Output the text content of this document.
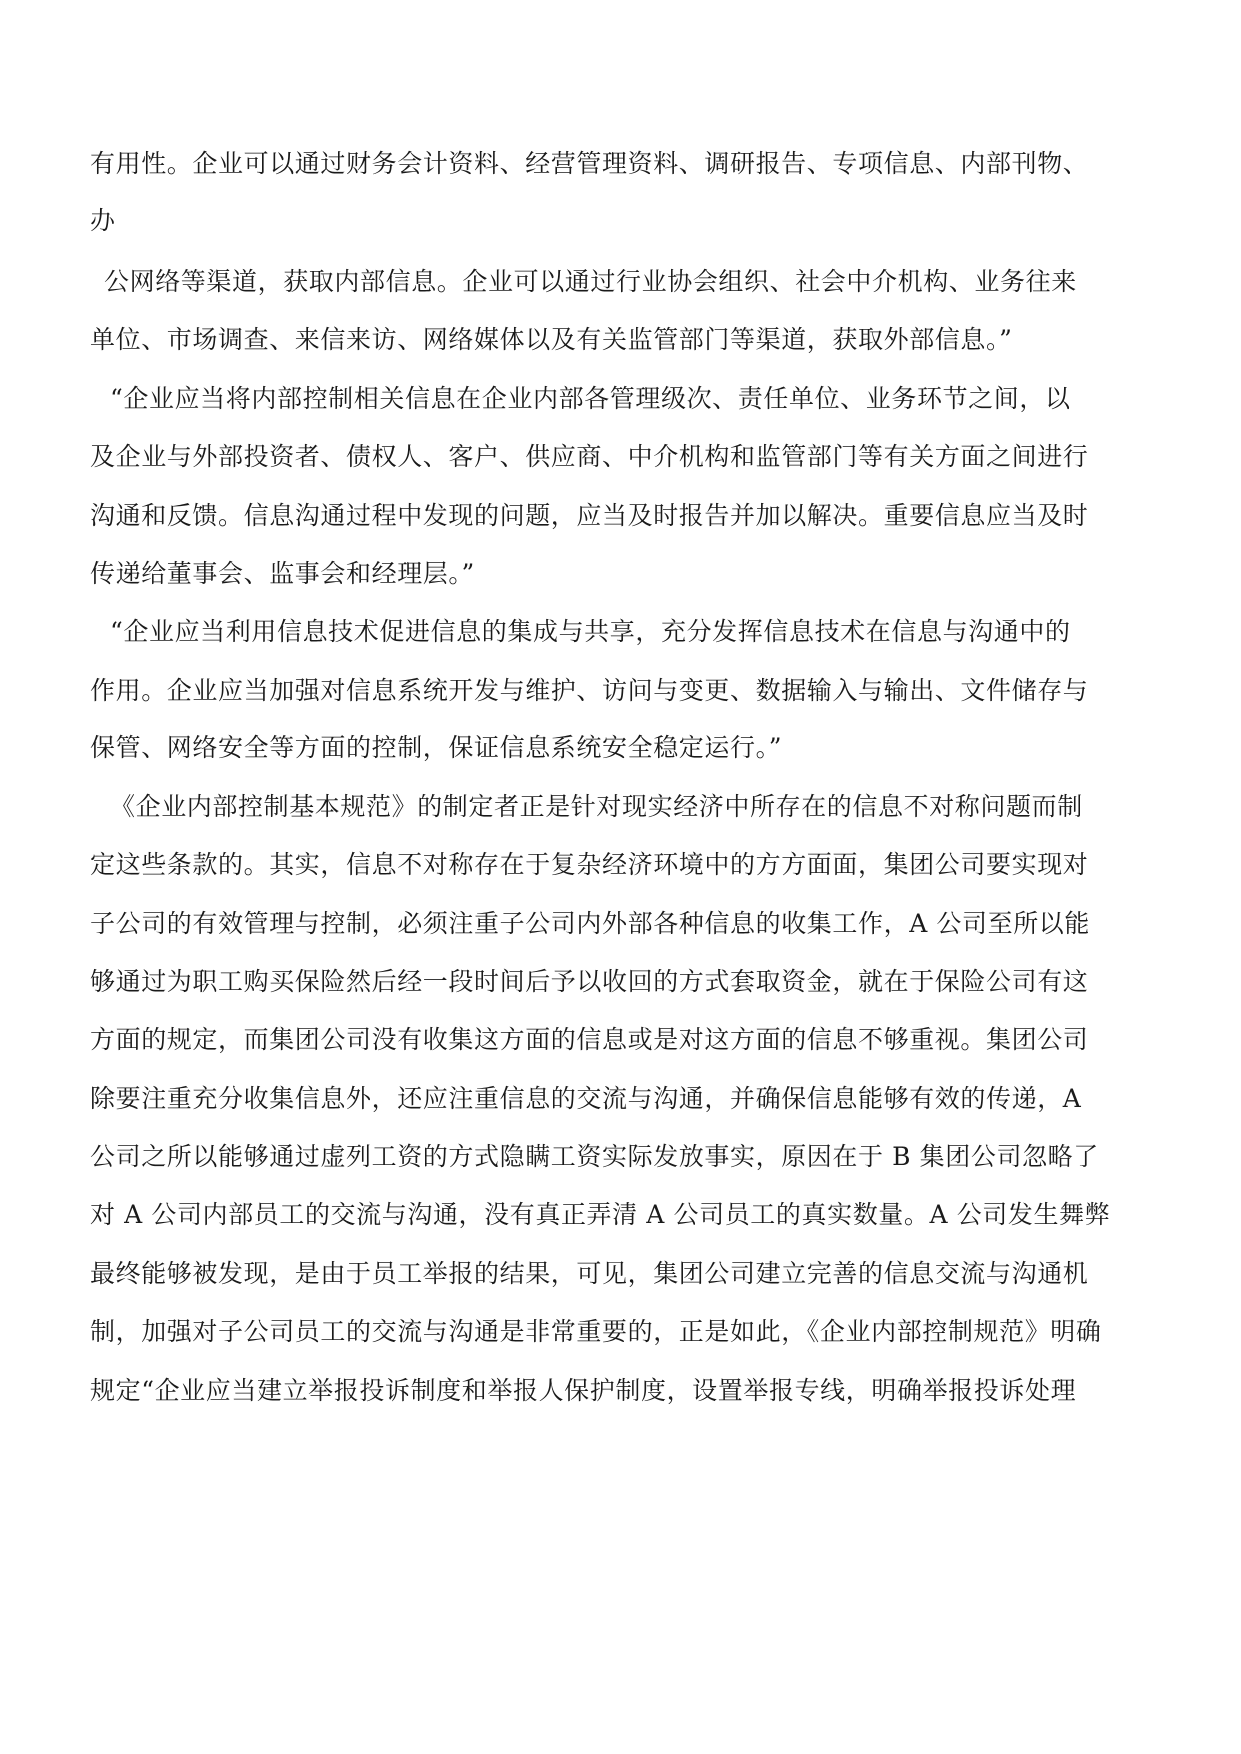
有用性。企业可以通过财务会计资料、经营管理资料、调研报告、专项信息、内部刊物、
办
公网络等渠道，获取内部信息。企业可以通过行业协会组织、社会中介机构、业务往来
单位、市场调查、来信来访、网络媒体以及有关监管部门等渠道，获取外部信息。”
“企业应当将内部控制相关信息在企业内部各管理级次、责任单位、业务环节之间，以
及企业与外部投资者、债权人、客户、供应商、中介机构和监管部门等有关方面之间进行
沟通和反馈。信息沟通过程中发现的问题，应当及时报告并加以解决。重要信息应当及时
传递给董事会、监事会和经理层。”
“企业应当利用信息技术促进信息的集成与共享，充分发挥信息技术在信息与沟通中的
作用。企业应当加强对信息系统开发与维护、访问与变更、数据输入与输出、文件储存与
保管、网络安全等方面的控制，保证信息系统安全稳定运行。”
《企业内部控制基本规范》的制定者正是针对现实经济中所存在的信息不对称问题而制
定这些条款的。其实，信息不对称存在于复杂经济环境中的方方面面，集团公司要实现对
子公司的有效管理与控制，必须注重子公司内外部各种信息的收集工作，A 公司至所以能
够通过为职工购买保险然后经一段时间后予以收回的方式套取资金，就在于保险公司有这
方面的规定，而集团公司没有收集这方面的信息或是对这方面的信息不够重视。集团公司
除要注重充分收集信息外，还应注重信息的交流与沟通，并确保信息能够有效的传递，A
公司之所以能够通过虚列工资的方式隐瞒工资实际发放事实，原因在于 B 集团公司忽略了
对 A 公司内部员工的交流与沟通，没有真正弄清 A 公司员工的真实数量。A 公司发生舞弊
最终能够被发现，是由于员工举报的结果，可见，集团公司建立完善的信息交流与沟通机
制，加强对子公司员工的交流与沟通是非常重要的，正是如此，《企业内部控制规范》明确
规定“企业应当建立举报投诉制度和举报人保护制度，设置举报专线，明确举报投诉处理
